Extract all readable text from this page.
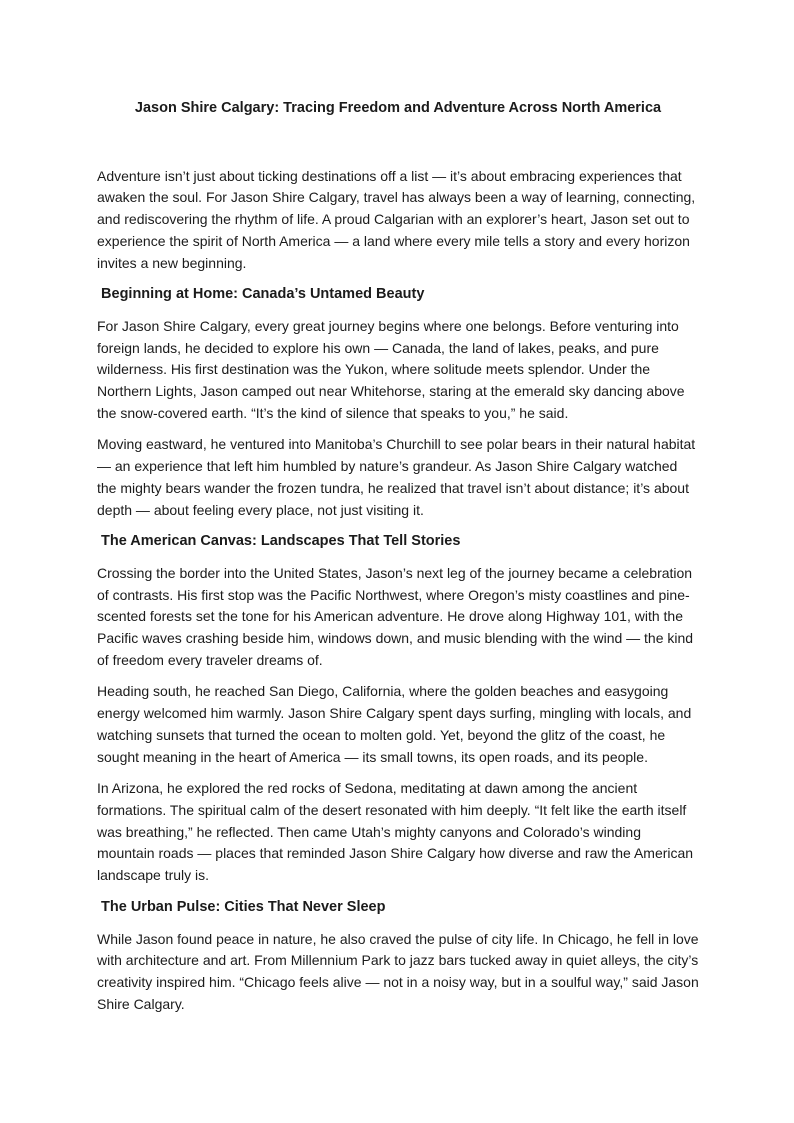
Jason Shire Calgary: Tracing Freedom and Adventure Across North America
Adventure isn’t just about ticking destinations off a list — it’s about embracing experiences that awaken the soul. For Jason Shire Calgary, travel has always been a way of learning, connecting, and rediscovering the rhythm of life. A proud Calgarian with an explorer’s heart, Jason set out to experience the spirit of North America — a land where every mile tells a story and every horizon invites a new beginning.
Beginning at Home: Canada’s Untamed Beauty
For Jason Shire Calgary, every great journey begins where one belongs. Before venturing into foreign lands, he decided to explore his own — Canada, the land of lakes, peaks, and pure wilderness. His first destination was the Yukon, where solitude meets splendor. Under the Northern Lights, Jason camped out near Whitehorse, staring at the emerald sky dancing above the snow-covered earth. “It’s the kind of silence that speaks to you,” he said.
Moving eastward, he ventured into Manitoba’s Churchill to see polar bears in their natural habitat — an experience that left him humbled by nature’s grandeur. As Jason Shire Calgary watched the mighty bears wander the frozen tundra, he realized that travel isn’t about distance; it’s about depth — about feeling every place, not just visiting it.
The American Canvas: Landscapes That Tell Stories
Crossing the border into the United States, Jason’s next leg of the journey became a celebration of contrasts. His first stop was the Pacific Northwest, where Oregon’s misty coastlines and pine-scented forests set the tone for his American adventure. He drove along Highway 101, with the Pacific waves crashing beside him, windows down, and music blending with the wind — the kind of freedom every traveler dreams of.
Heading south, he reached San Diego, California, where the golden beaches and easygoing energy welcomed him warmly. Jason Shire Calgary spent days surfing, mingling with locals, and watching sunsets that turned the ocean to molten gold. Yet, beyond the glitz of the coast, he sought meaning in the heart of America — its small towns, its open roads, and its people.
In Arizona, he explored the red rocks of Sedona, meditating at dawn among the ancient formations. The spiritual calm of the desert resonated with him deeply. “It felt like the earth itself was breathing,” he reflected. Then came Utah’s mighty canyons and Colorado’s winding mountain roads — places that reminded Jason Shire Calgary how diverse and raw the American landscape truly is.
The Urban Pulse: Cities That Never Sleep
While Jason found peace in nature, he also craved the pulse of city life. In Chicago, he fell in love with architecture and art. From Millennium Park to jazz bars tucked away in quiet alleys, the city’s creativity inspired him. “Chicago feels alive — not in a noisy way, but in a soulful way,” said Jason Shire Calgary.
